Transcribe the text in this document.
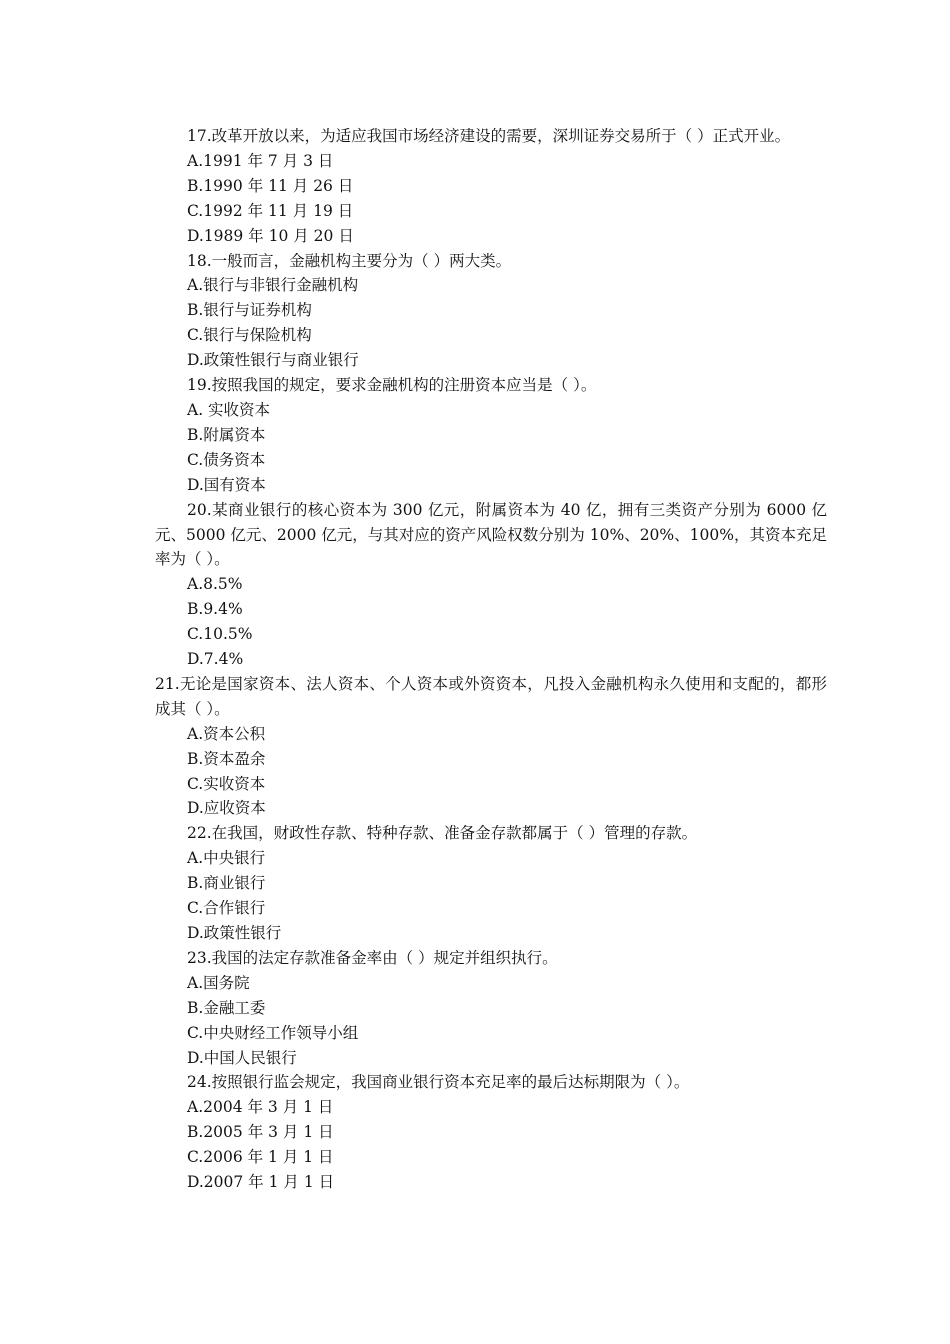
17.改革开放以来，为适应我国市场经济建设的需要，深圳证券交易所于（ ）正式开业。
A.1991 年 7 月 3 日
B.1990 年 11 月 26 日
C.1992 年 11 月 19 日
D.1989 年 10 月 20 日
18.一般而言，金融机构主要分为（ ）两大类。
A.银行与非银行金融机构
B.银行与证券机构
C.银行与保险机构
D.政策性银行与商业银行
19.按照我国的规定，要求金融机构的注册资本应当是（ ）。
A. 实收资本
B.附属资本
C.债务资本
D.国有资本
20.某商业银行的核心资本为 300 亿元，附属资本为 40 亿，拥有三类资产分别为 6000 亿元、5000 亿元、2000 亿元，与其对应的资产风险权数分别为 10%、20%、100%，其资本充足率为（ ）。
A.8.5%
B.9.4%
C.10.5%
D.7.4%
21.无论是国家资本、法人资本、个人资本或外资资本，凡投入金融机构永久使用和支配的，都形成其（ ）。
A.资本公积
B.资本盈余
C.实收资本
D.应收资本
22.在我国，财政性存款、特种存款、准备金存款都属于（ ）管理的存款。
A.中央银行
B.商业银行
C.合作银行
D.政策性银行
23.我国的法定存款准备金率由（ ）规定并组织执行。
A.国务院
B.金融工委
C.中央财经工作领导小组
D.中国人民银行
24.按照银行监会规定，我国商业银行资本充足率的最后达标期限为（ ）。
A.2004 年 3 月 1 日
B.2005 年 3 月 1 日
C.2006 年 1 月 1 日
D.2007 年 1 月 1 日
